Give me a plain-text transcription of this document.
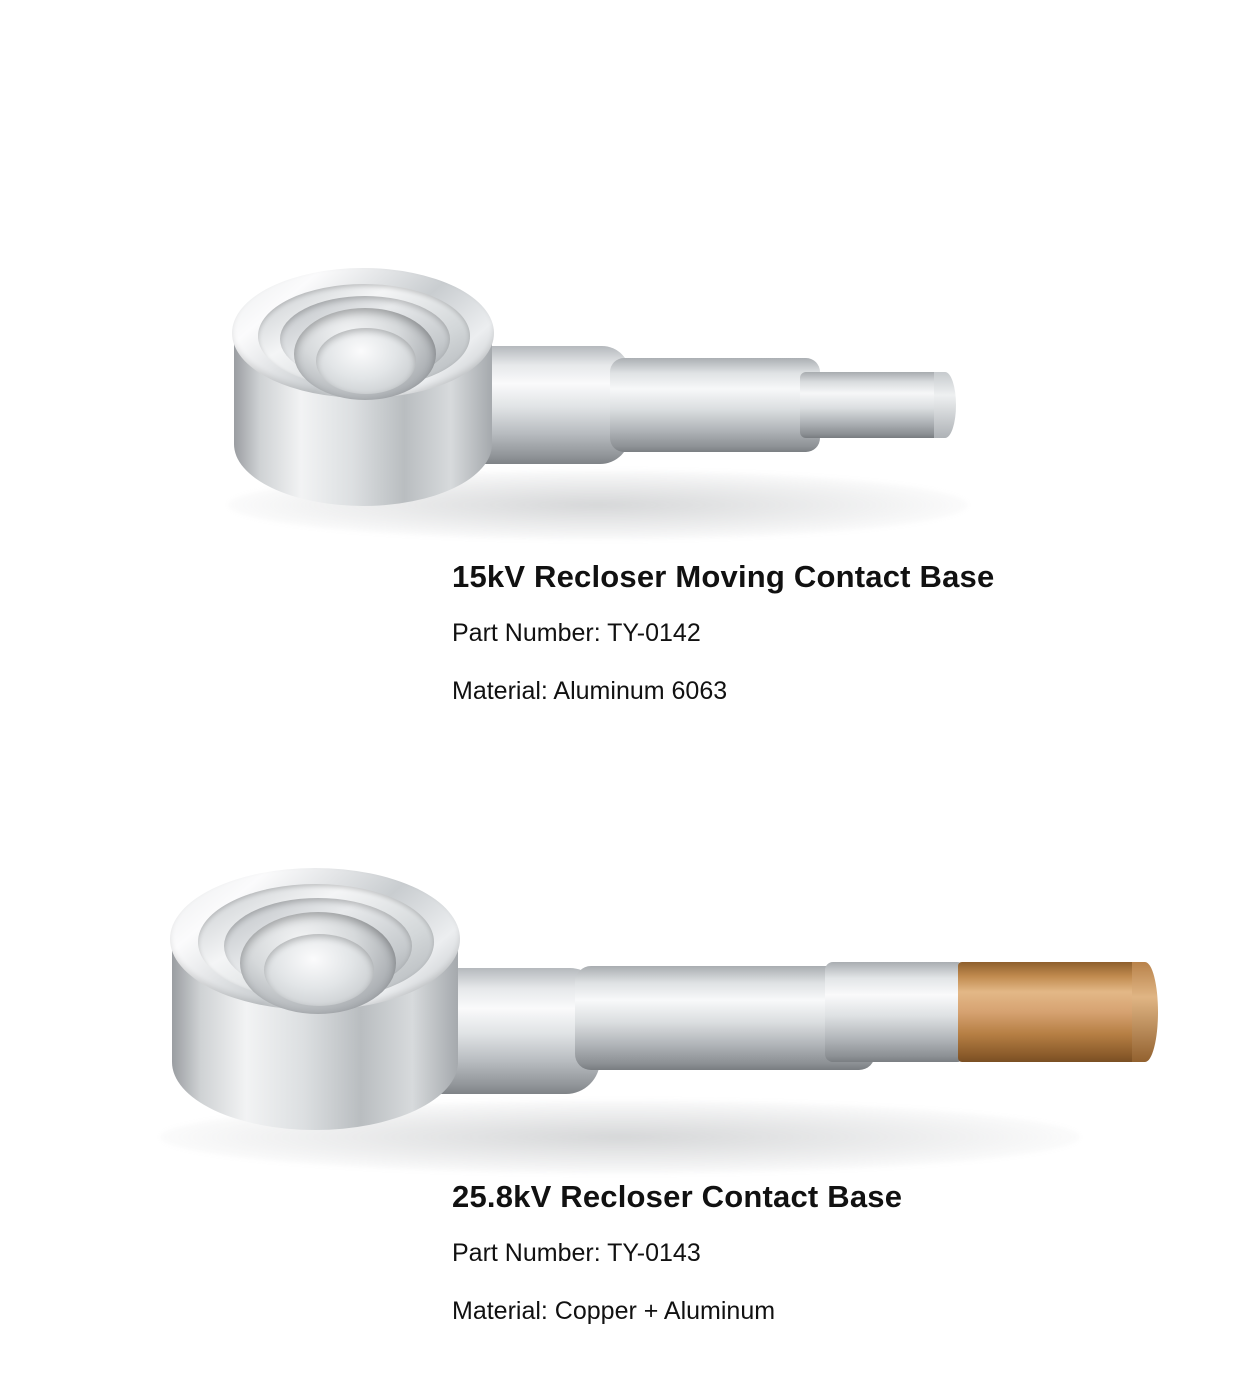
15kV Recloser Moving Contact Base

Part Number: TY-0142

Material: Aluminum 6063

25.8kV Recloser Contact Base

Part Number: TY-0143

Material: Copper + Aluminum
